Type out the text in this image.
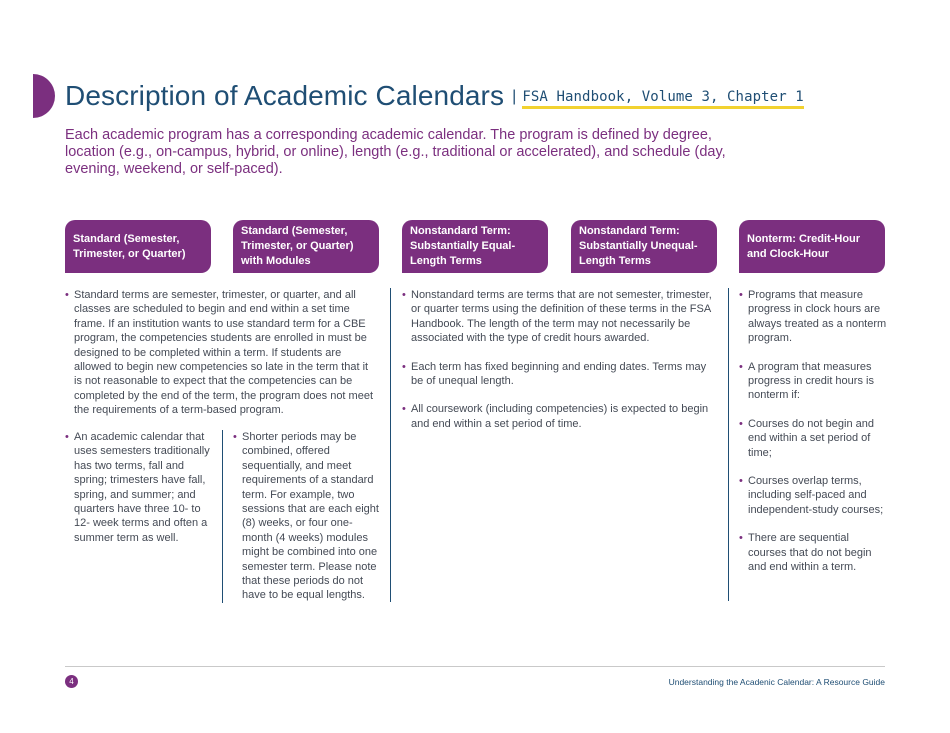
Description of Academic Calendars | FSA Handbook, Volume 3, Chapter 1
Each academic program has a corresponding academic calendar. The program is defined by degree, location (e.g., on-campus, hybrid, or online), length (e.g., traditional or accelerated), and schedule (day, evening, weekend, or self-paced).
Standard (Semester, Trimester, or Quarter)
Standard (Semester, Trimester, or Quarter) with Modules
Nonstandard Term: Substantially Equal-Length Terms
Nonstandard Term: Substantially Unequal-Length Terms
Nonterm: Credit-Hour and Clock-Hour
• Standard terms are semester, trimester, or quarter, and all classes are scheduled to begin and end within a set time frame. If an institution wants to use standard term for a CBE program, the competencies students are enrolled in must be designed to be completed within a term. If students are allowed to begin new competencies so late in the term that it is not reasonable to expect that the competencies can be completed by the end of the term, the program does not meet the requirements of a term-based program.
• An academic calendar that uses semesters traditionally has two terms, fall and spring; trimesters have fall, spring, and summer; and quarters have three 10- to 12- week terms and often a summer term as well.
• Shorter periods may be combined, offered sequentially, and meet requirements of a standard term. For example, two sessions that are each eight (8) weeks, or four one-month (4 weeks) modules might be combined into one semester term. Please note that these periods do not have to be equal lengths.
• Nonstandard terms are terms that are not semester, trimester, or quarter terms using the definition of these terms in the FSA Handbook. The length of the term may not necessarily be associated with the type of credit hours awarded.
• Each term has fixed beginning and ending dates. Terms may be of unequal length.
• All coursework (including competencies) is expected to begin and end within a set period of time.
• Programs that measure progress in clock hours are always treated as a nonterm program.
• A program that measures progress in credit hours is nonterm if:
• Courses do not begin and end within a set period of time;
• Courses overlap terms, including self-paced and independent-study courses;
• There are sequential courses that do not begin and end within a term.
4	Understanding the Acadenic Calendar: A Resource Guide
